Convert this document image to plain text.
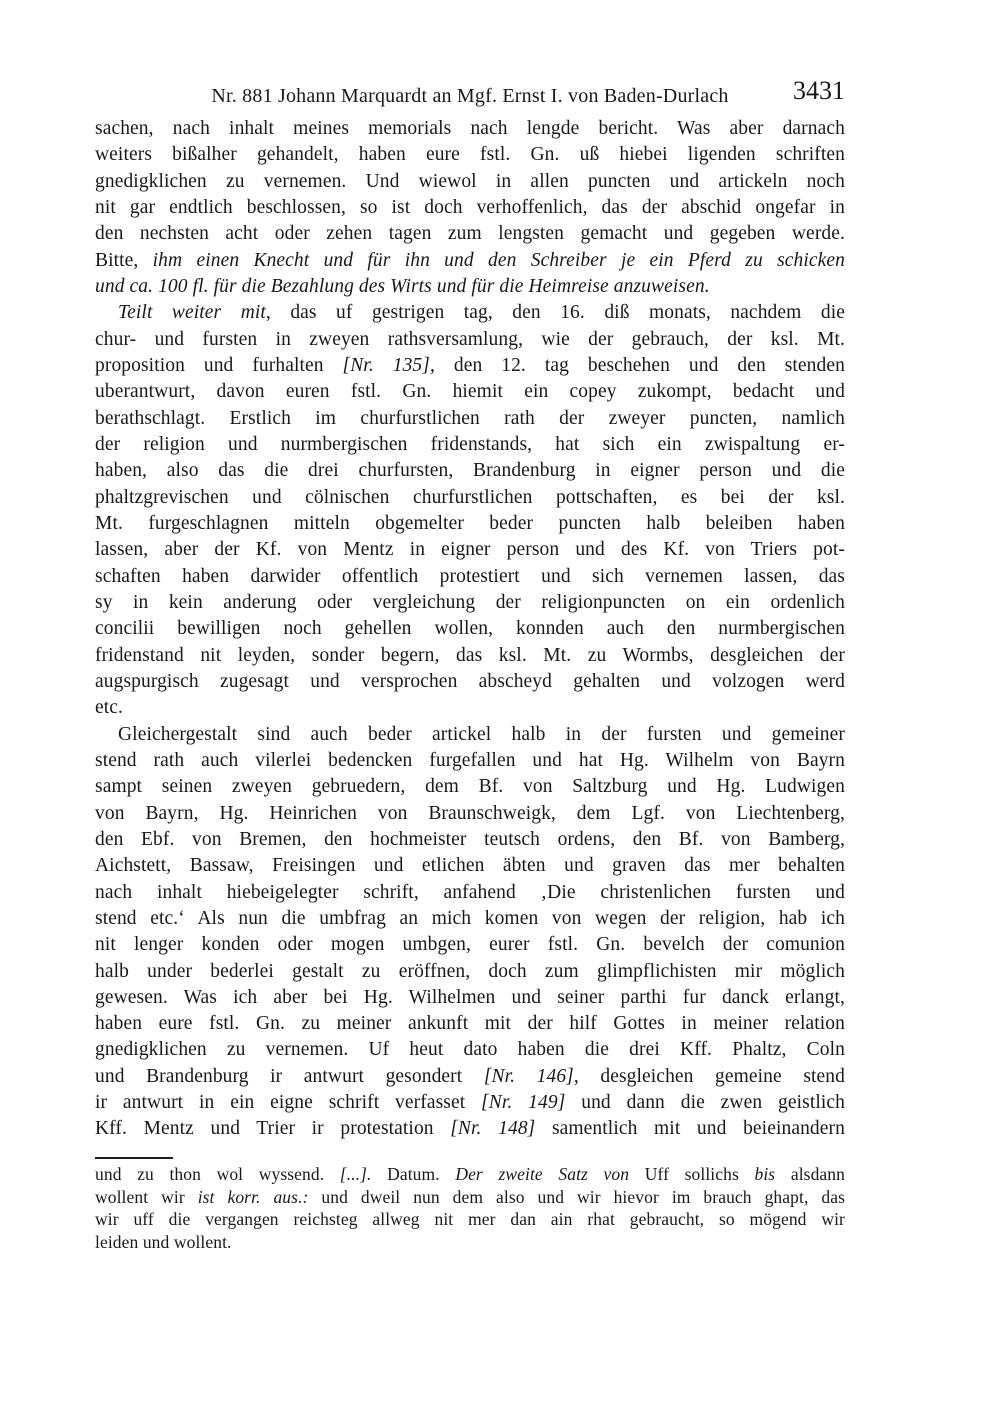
Nr. 881 Johann Marquardt an Mgf. Ernst I. von Baden-Durlach	3431
sachen, nach inhalt meines memorials nach lengde bericht. Was aber darnach
weiters bißalher gehandelt, haben eure fstl. Gn. uß hiebei ligenden schriften
gnedigklichen zu vernemen. Und wiewol in allen puncten und artickeln noch
nit gar endtlich beschlossen, so ist doch verhoffenlich, das der abschid ongefar in
den nechsten acht oder zehen tagen zum lengsten gemacht und gegeben werde.
Bitte, ihm einen Knecht und für ihn und den Schreiber je ein Pferd zu schicken
und ca. 100 fl. für die Bezahlung des Wirts und für die Heimreise anzuweisen.
Teilt weiter mit, das uf gestrigen tag, den 16. diß monats, nachdem die
chur- und fursten in zweyen rathsversamlung, wie der gebrauch, der ksl. Mt.
proposition und furhalten [Nr. 135], den 12. tag beschehen und den stenden
uberantwurt, davon euren fstl. Gn. hiemit ein copey zukompt, bedacht und
berathschlagt. Erstlich im churfurstlichen rath der zweyer puncten, namlich
der religion und nurmbergischen fridenstands, hat sich ein zwispaltung er-
haben, also das die drei churfursten, Brandenburg in eigner person und die
phaltzgrevischen und cölnischen churfurstlichen pottschaften, es bei der ksl.
Mt. furgeschlagnen mitteln obgemelter beder puncten halb beleiben haben
lassen, aber der Kf. von Mentz in eigner person und des Kf. von Triers pot-
schaften haben darwider offentlich protestiert und sich vernemen lassen, das
sy in kein anderung oder vergleichung der religionpuncten on ein ordenlich
concilii bewilligen noch gehellen wollen, konnden auch den nurmbergischen
fridenstand nit leyden, sonder begern, das ksl. Mt. zu Wormbs, desgleichen der
augspurgisch zugesagt und versprochen abscheyd gehalten und volzogen werd
etc.
Gleichergestalt sind auch beder artickel halb in der fursten und gemeiner
stend rath auch vilerlei bedencken furgefallen und hat Hg. Wilhelm von Bayrn
sampt seinen zweyen gebruedern, dem Bf. von Saltzburg und Hg. Ludwigen
von Bayrn, Hg. Heinrichen von Braunschweigk, dem Lgf. von Liechtenberg,
den Ebf. von Bremen, den hochmeister teutsch ordens, den Bf. von Bamberg,
Aichstett, Bassaw, Freisingen und etlichen äbten und graven das mer behalten
nach inhalt hiebeigelegter schrift, anfahend ‚Die christenlichen fursten und
stend etc.‘ Als nun die umbfrag an mich komen von wegen der religion, hab ich
nit lenger konden oder mogen umbgen, eurer fstl. Gn. bevelch der comunion
halb under bederlei gestalt zu eröffnen, doch zum glimpflichisten mir möglich
gewesen. Was ich aber bei Hg. Wilhelmen und seiner parthi fur danck erlangt,
haben eure fstl. Gn. zu meiner ankunft mit der hilf Gottes in meiner relation
gnedigklichen zu vernemen. Uf heut dato haben die drei Kff. Phaltz, Coln
und Brandenburg ir antwurt gesondert [Nr. 146], desgleichen gemeine stend
ir antwurt in ein eigne schrift verfasset [Nr. 149] und dann die zwen geistlich
Kff. Mentz und Trier ir protestation [Nr. 148] samentlich mit und beieinandern
und zu thon wol wyssend. [...]. Datum. Der zweite Satz von Uff sollichs bis alsdann
wollent wir ist korr. aus.: und dweil nun dem also und wir hievor im brauch ghapt, das
wir uff die vergangen reichsteg allweg nit mer dan ain rhat gebraucht, so mögend wir
leiden und wollent.
